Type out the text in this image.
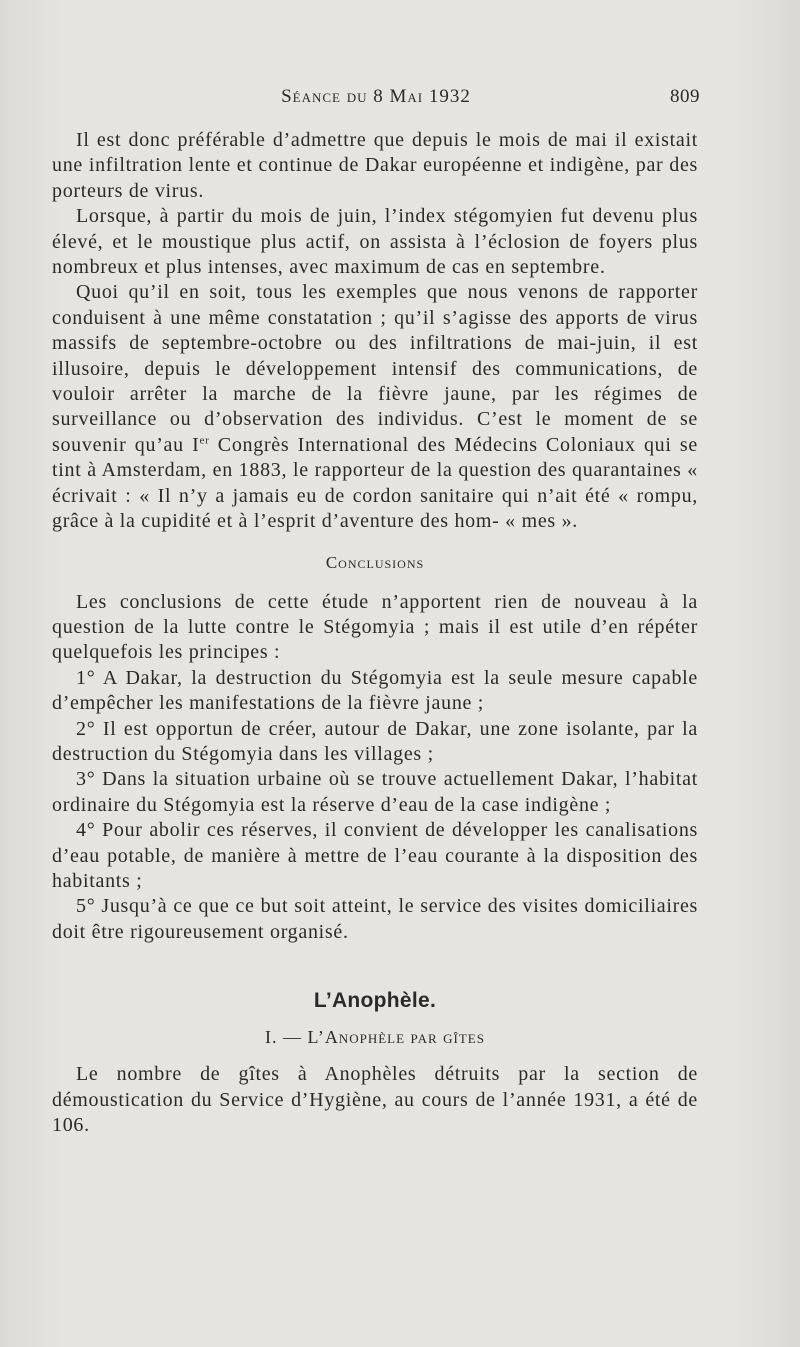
Séance du 8 Mai 1932	809

Il est donc préférable d’admettre que depuis le mois de mai il existait une infiltration lente et continue de Dakar européenne et indigène, par des porteurs de virus.

Lorsque, à partir du mois de juin, l’index stégomyien fut devenu plus élevé, et le moustique plus actif, on assista à l’éclosion de foyers plus nombreux et plus intenses, avec maximum de cas en septembre.

Quoi qu’il en soit, tous les exemples que nous venons de rapporter conduisent à une même constatation ; qu’il s’agisse des apports de virus massifs de septembre-octobre ou des infiltrations de mai-juin, il est illusoire, depuis le développement intensif des communications, de vouloir arrêter la marche de la fièvre jaune, par les régimes de surveillance ou d’observation des individus. C’est le moment de se souvenir qu’au Ier Congrès International des Médecins Coloniaux qui se tint à Amsterdam, en 1883, le rapporteur de la question des quarantaines « écrivait : « Il n’y a jamais eu de cordon sanitaire qui n’ait été « rompu, grâce à la cupidité et à l’esprit d’aventure des hom- « mes ».

Conclusions

Les conclusions de cette étude n’apportent rien de nouveau à la question de la lutte contre le Stégomyia ; mais il est utile d’en répéter quelquefois les principes :

1° A Dakar, la destruction du Stégomyia est la seule mesure capable d’empêcher les manifestations de la fièvre jaune ;

2° Il est opportun de créer, autour de Dakar, une zone isolante, par la destruction du Stégomyia dans les villages ;

3° Dans la situation urbaine où se trouve actuellement Dakar, l’habitat ordinaire du Stégomyia est la réserve d’eau de la case indigène ;

4° Pour abolir ces réserves, il convient de développer les canalisations d’eau potable, de manière à mettre de l’eau courante à la disposition des habitants ;

5° Jusqu’à ce que ce but soit atteint, le service des visites domiciliaires doit être rigoureusement organisé.

L’Anophèle.
I. — L’Anophèle par gîtes

Le nombre de gîtes à Anophèles détruits par la section de démoustication du Service d’Hygiène, au cours de l’année 1931, a été de 106.
